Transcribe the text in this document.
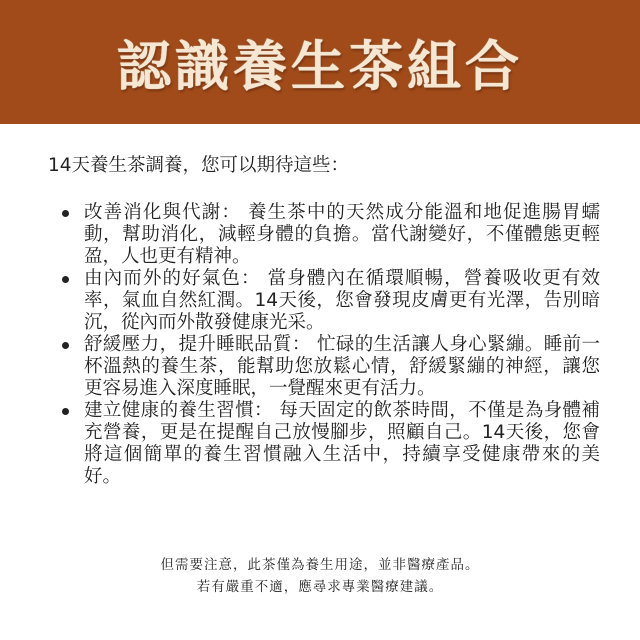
認識養生茶組合

14天養生茶調養，您可以期待這些：

改善消化與代謝： 養生茶中的天然成分能溫和地促進腸胃蠕動，幫助消化，減輕身體的負擔。當代謝變好，不僅體態更輕盈，人也更有精神。
由內而外的好氣色： 當身體內在循環順暢，營養吸收更有效率，氣血自然紅潤。14天後，您會發現皮膚更有光澤，告別暗沉，從內而外散發健康光采。
舒緩壓力，提升睡眠品質： 忙碌的生活讓人身心緊繃。睡前一杯溫熱的養生茶，能幫助您放鬆心情，舒緩緊繃的神經，讓您更容易進入深度睡眠，一覺醒來更有活力。
建立健康的養生習慣： 每天固定的飲茶時間，不僅是為身體補充營養，更是在提醒自己放慢腳步，照顧自己。14天後，您會將這個簡單的養生習慣融入生活中，持續享受健康帶來的美好。
但需要注意，此茶僅為養生用途，並非醫療產品。
若有嚴重不適，應尋求專業醫療建議。
